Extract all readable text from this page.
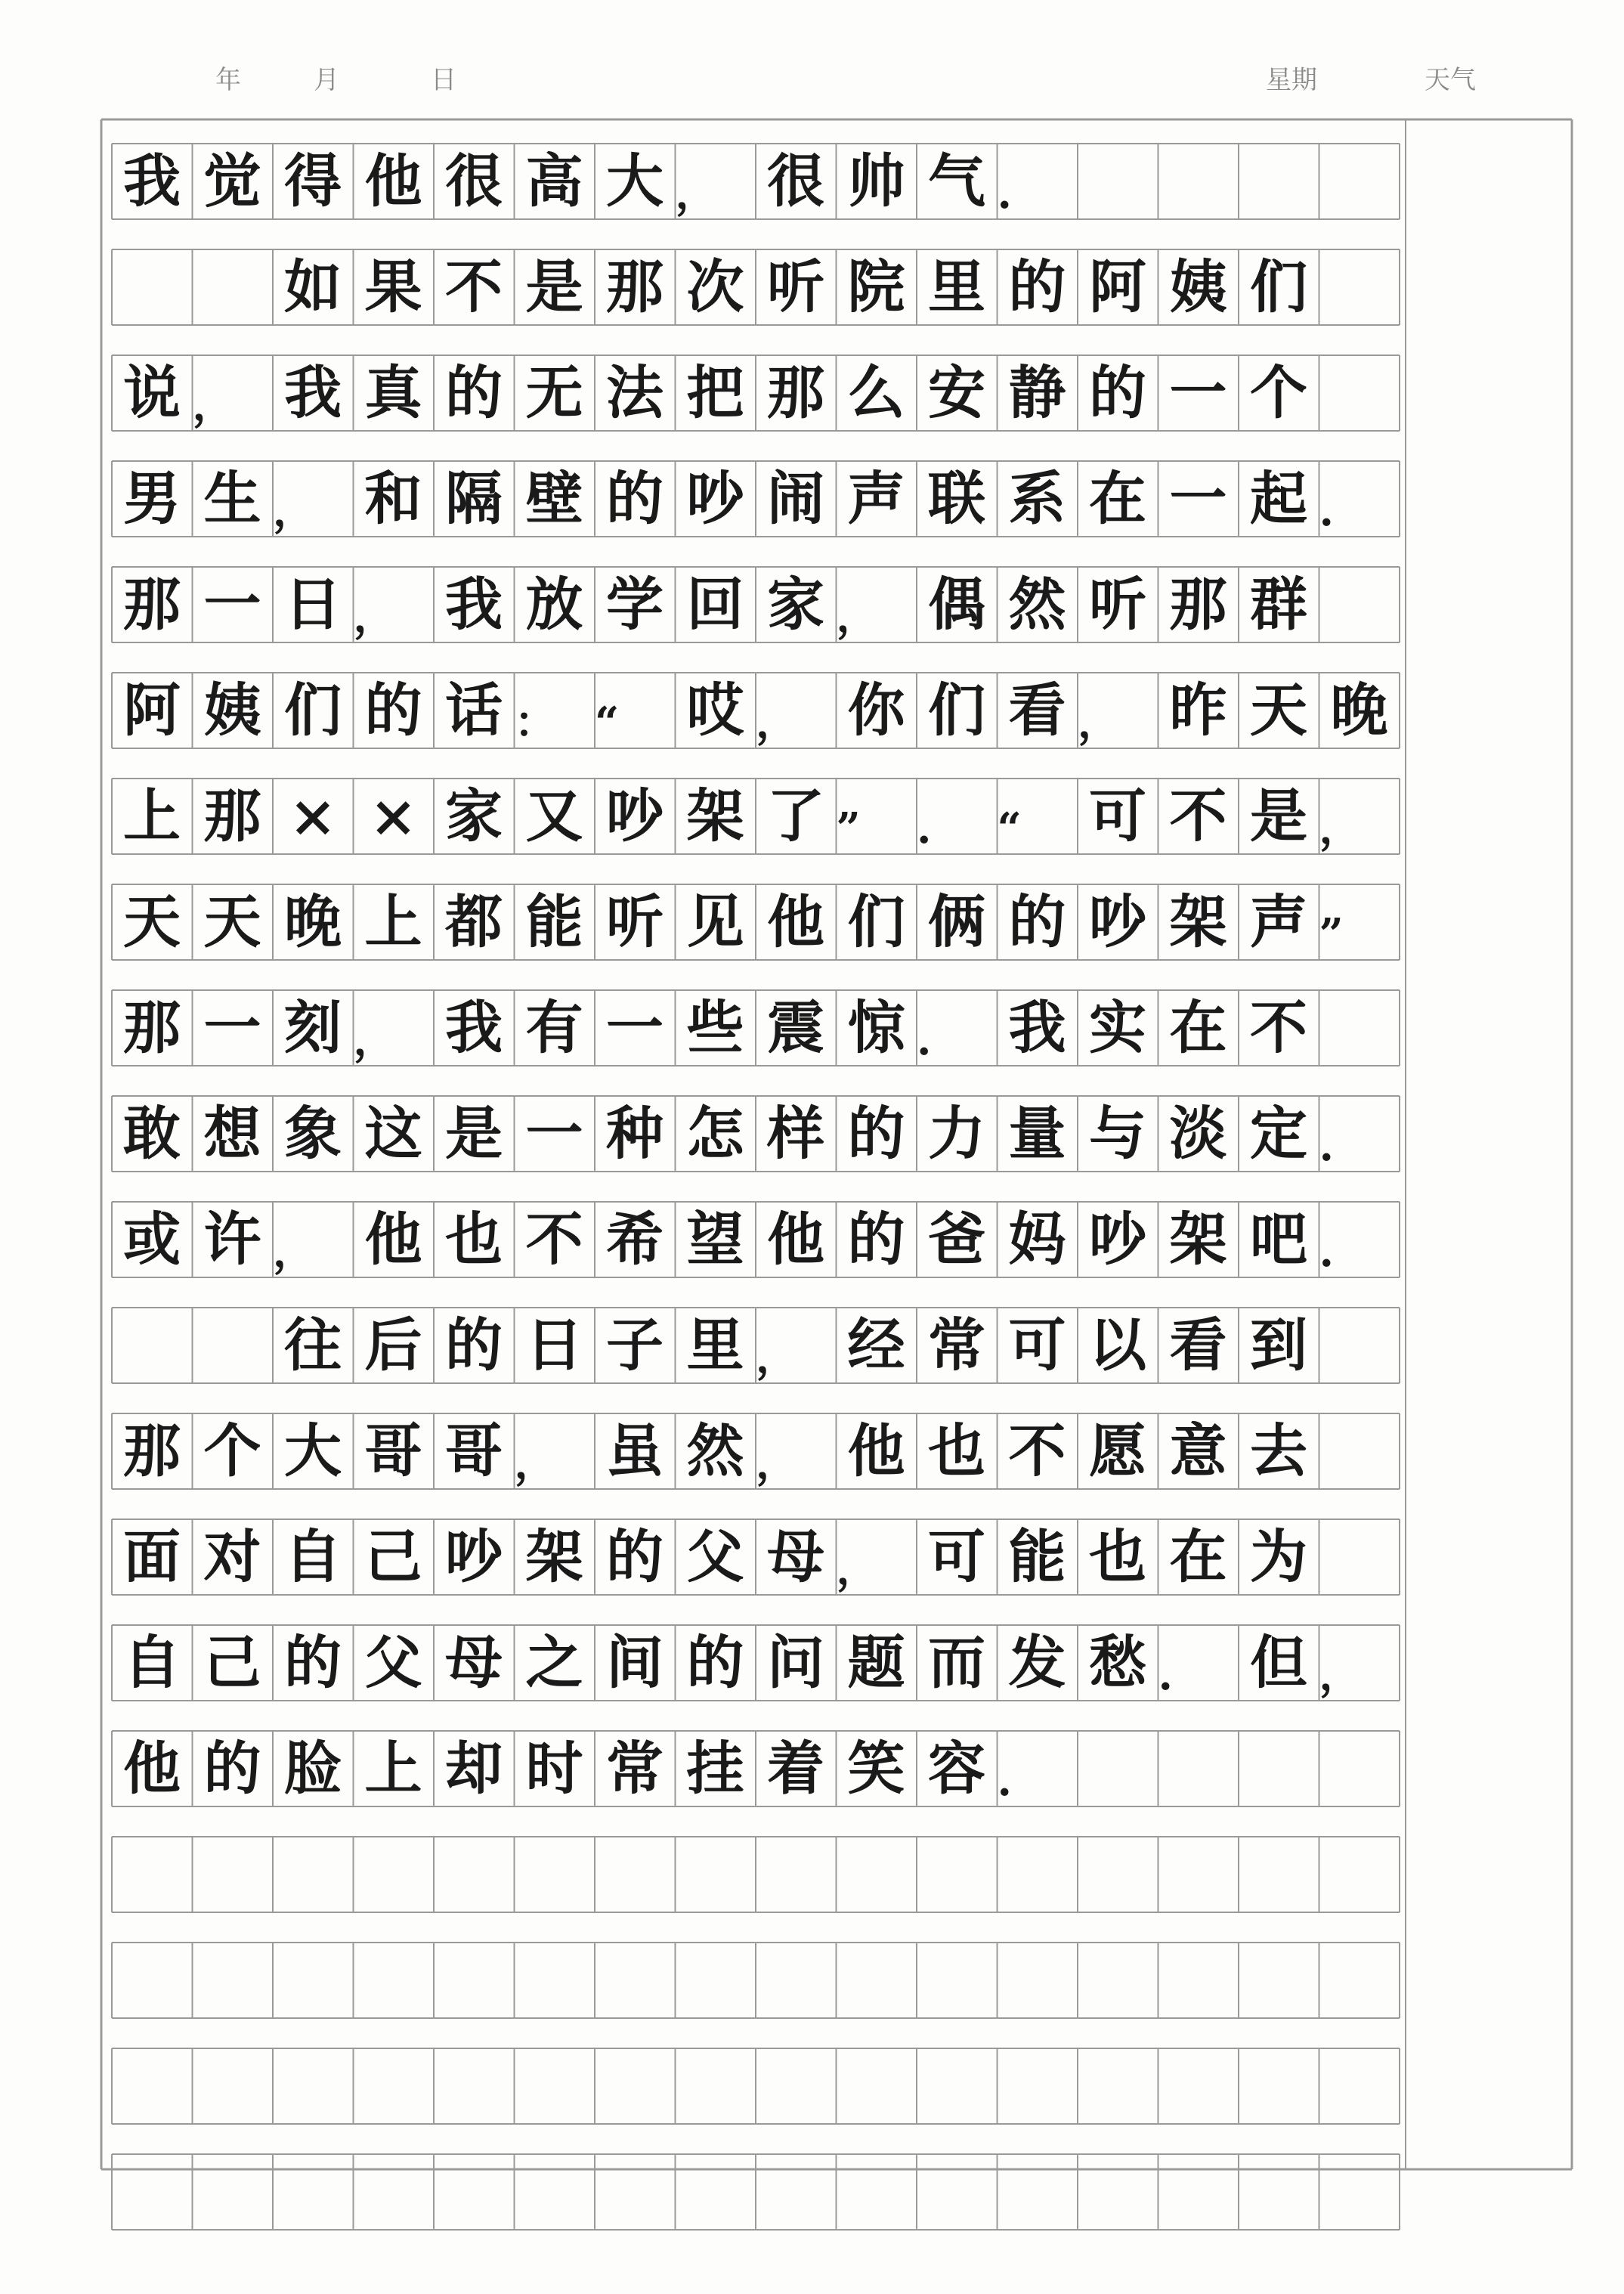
年	月	日	星期	天气
我 觉 得 他 很 高 大 ， 很 帅 气 .

如 果 不 是 那 次 听 院 里 的 阿 姨 们
说 ， 我 真 的 无 法 把 那 么 安 静 的 一 个
男 生 ， 和 隔 壁 的 吵 闹 声 联 系 在 一 起 .
那 一 日 ， 我 放 学 回 家 ， 偶 然 听 那 群
阿 姨 们 的 话 ： “	哎 ， 你 们 看 ， 昨 天 晚
上 那 × × 家 又 吵 架 了 ”	.	“	可 不 是 ，
天 天 晚 上 都 能 听 见 他 们 俩 的 吵 架 声 ”
那 一 刻 ， 我 有 一 些 震 惊 .	我 实 在 不
敢 想 象 这 是 一 种 怎 样 的 力 量 与 淡 定 .
或 许 ， 他 也 不 希 望 他 的 爸 妈 吵 架 吧 .

往 后 的 日 子 里 ， 经 常 可 以 看 到
那 个 大 哥 哥 ， 虽 然 ， 他 也 不 愿 意 去
面 对 自 己 吵 架 的 父 母 ， 可 能 也 在 为
自 己 的 父 母 之 间 的 问 题 而 发 愁 .	但 ，
他 的 脸 上 却 时 常 挂 着 笑 容 .
